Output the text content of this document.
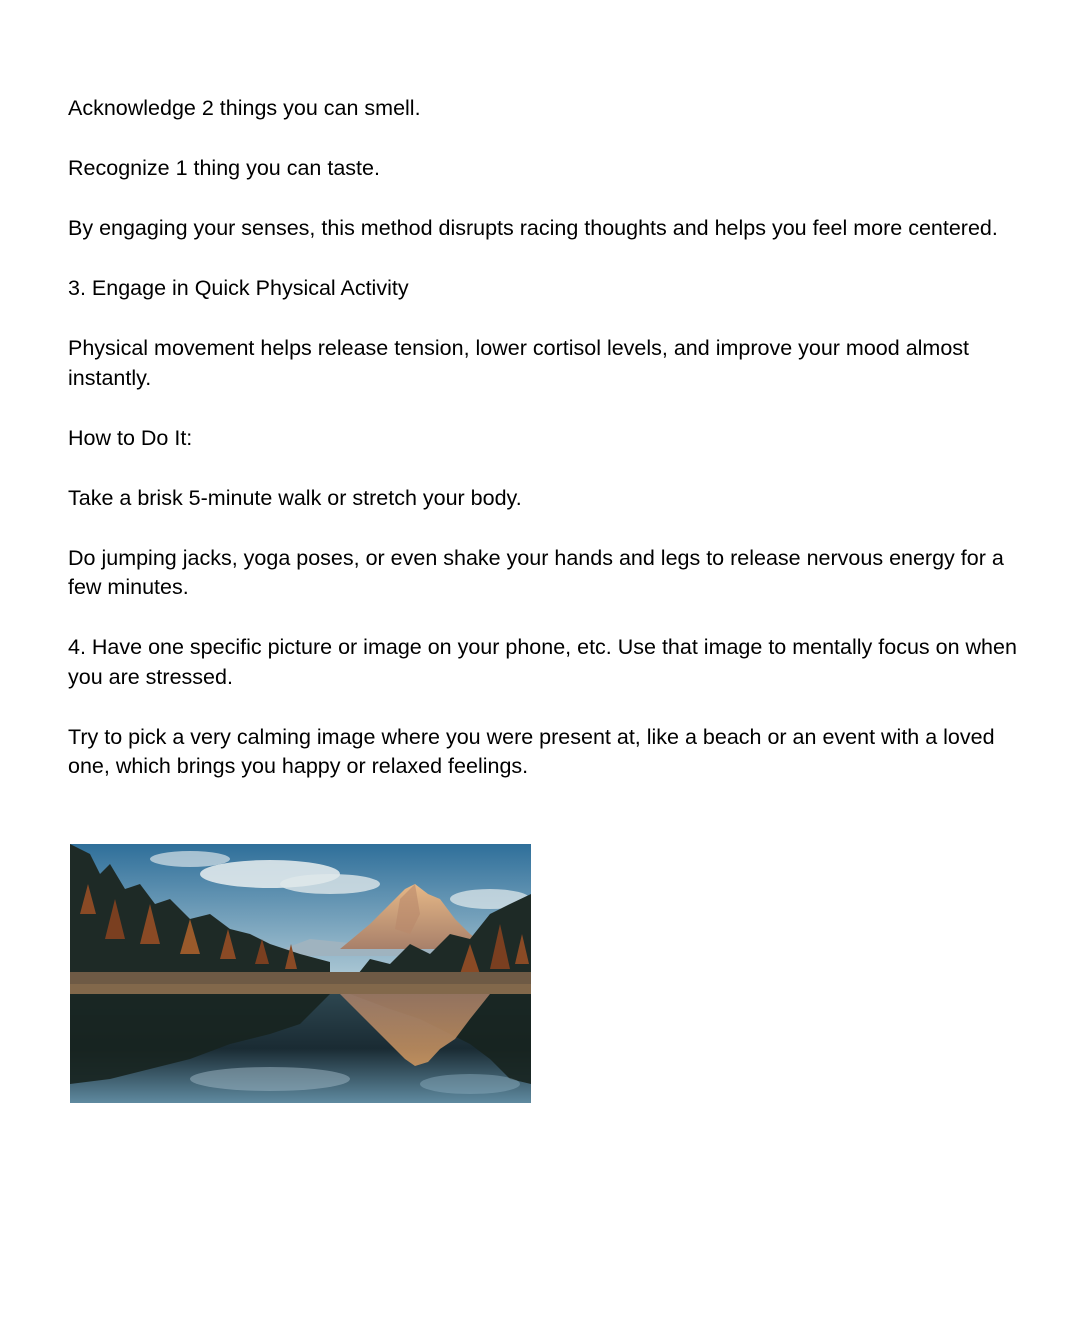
Acknowledge 2 things you can smell.

Recognize 1 thing you can taste.

By engaging your senses, this method disrupts racing thoughts and helps you feel more centered.

3. Engage in Quick Physical Activity

Physical movement helps release tension, lower cortisol levels, and improve your mood almost instantly.

How to Do It:

Take a brisk 5-minute walk or stretch your body.

Do jumping jacks, yoga poses, or even shake your hands and legs to release nervous energy for a few minutes.

4. Have one specific picture or image on your phone, etc. Use that image to mentally focus on when you are stressed.

Try to pick a very calming image where you were present at, like a beach or an event with a loved one, which brings you happy or relaxed feelings.
